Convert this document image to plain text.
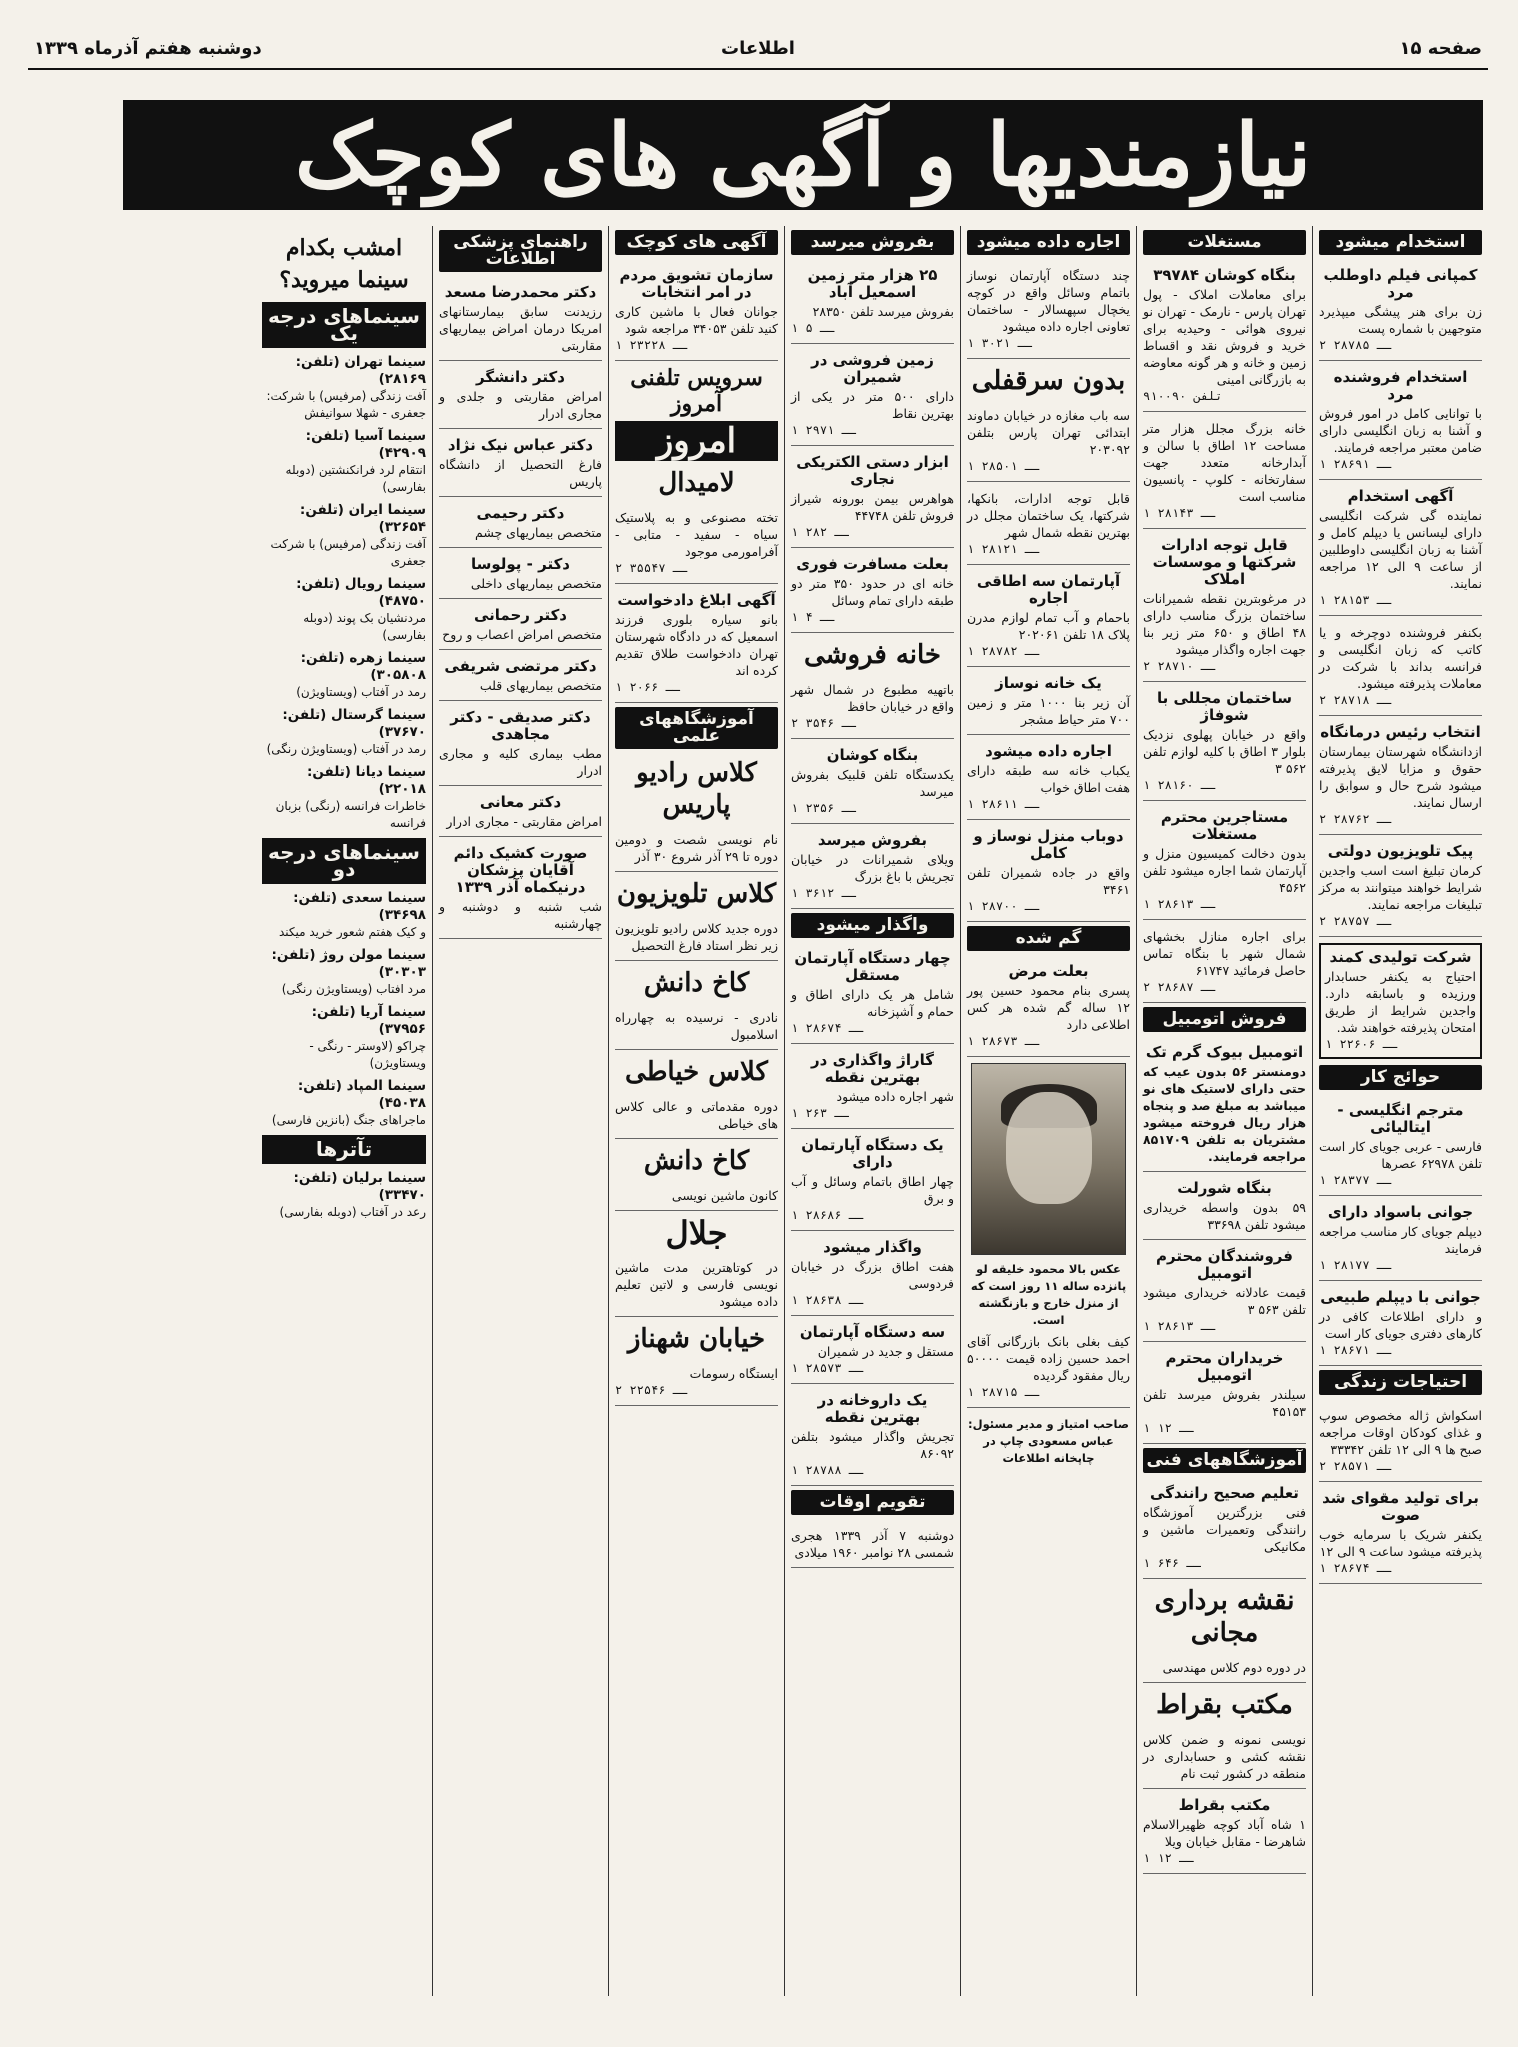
صفحه ۱۵
اطلاعات
دوشنبه هفتم آذرماه ۱۳۳۹
نیازمندیها و آگهی های کوچک
استخدام میشود
کمپانی فیلم داوطلب مرد
زن برای هنر پیشگی میپذیرد متوجهین با شماره پست
۲ ــ ۲۸۷۸۵
استخدام فروشنده مرد
با توانایی کامل در امور فروش و آشنا به زبان انگلیسی دارای ضامن معتبر مراجعه فرمایند.
۱ ــ ۲۸۶۹۱
آگهی استخدام
نماینده گی شرکت انگلیسی دارای لیسانس یا دیپلم کامل و آشنا به زبان انگلیسی داوطلبین از ساعت ۹ الی ۱۲ مراجعه نمایند.
۱ ــ ۲۸۱۵۳
بکنفر فروشنده دوچرخه و یا کاتب که زبان انگلیسی و فرانسه بداند با شرکت در معاملات پذیرفته میشود.
۲ ــ ۲۸۷۱۸
انتخاب رئیس درمانگاه
ازدانشگاه شهرستان بیمارستان حقوق و مزایا لایق پذیرفته میشود شرح حال و سوابق را ارسال نمایند.
۲ ــ ۲۸۷۶۲
پیک تلویزیون دولتی
کرمان تبلیغ است اسب واجدین شرایط خواهند میتوانند به مرکز تبلیغات مراجعه نمایند.
۲ ــ ۲۸۷۵۷
شرکت تولیدی کمند
احتیاج به یکنفر حسابدار ورزیده و باسابقه دارد. واجدین شرایط از طریق امتحان پذیرفته خواهند شد.
۱ ــ ۲۲۶۰۶
حوائج کار
مترجم انگلیسی - ایتالیائی
فارسی - عربی جویای کار است تلفن ۶۲۹۷۸ عصرها
۱ ــ ۲۸۳۷۷
جوانی باسواد دارای
دیپلم جویای کار مناسب مراجعه فرمایند
۱ ــ ۲۸۱۷۷
جوانی با دیپلم طبیعی
و دارای اطلاعات کافی در کارهای دفتری جویای کار است
۱ ــ ۲۸۶۷۱
احتیاجات زندگی
اسکواش ژاله مخصوص سوپ و غذای کودکان اوقات مراجعه صبح ها ۹ الی ۱۲ تلفن ۳۳۳۴۲
۲ ــ ۲۸۵۷۱
برای تولید مقوای شد صوت
یکنفر شریک با سرمایه خوب پذیرفته میشود ساعت ۹ الی ۱۲
۱ ــ ۲۸۶۷۴
مستغلات
بنگاه کوشان ۳۹۷۸۴
برای معاملات املاک - پول تهران پارس - نارمک - تهران نو نیروی هوائی - وحیدیه برای خرید و فروش نقد و اقساط زمین و خانه و هر گونه معاوضه به بازرگانی امینی
تلفن ۹۱۰۰۹۰
خانه بزرگ مجلل هزار متر مساحت ۱۲ اطاق با سالن و آبدارخانه متعدد جهت سفارتخانه - کلوپ - پانسیون مناسب است
۱ ــ ۲۸۱۴۳
قابل توجه ادارات شرکتها و موسسات املاک
در مرغوبترین نقطه شمیرانات ساختمان بزرگ مناسب دارای ۴۸ اطاق و ۶۵۰ متر زیر بنا جهت اجاره واگذار میشود
۲ ــ ۲۸۷۱۰
ساختمان مجللی با شوفاژ
واقع در خیابان پهلوی نزدیک بلوار ۳ اطاق با کلیه لوازم تلفن ۵۶۲ ۳
۱ ــ ۲۸۱۶۰
مستاجرین محترم مستغلات
بدون دخالت کمیسیون منزل و آپارتمان شما اجاره میشود تلفن ۴۵۶۲
۱ ــ ۲۸۶۱۳
برای اجاره منازل بخشهای شمال شهر با بنگاه تماس حاصل فرمائید ۶۱۷۴۷
۲ ــ ۲۸۶۸۷
فروش اتومبیل
اتومبیل بیوک گرم تک
دومنستر ۵۶ بدون عیب که حتی دارای لاستیک های نو میباشد به مبلغ صد و پنجاه هزار ریال فروخته میشود مشتریان به تلفن ۸۵۱۷۰۹ مراجعه فرمایند.
بنگاه شورلت
۵۹ بدون واسطه خریداری میشود تلفن ۳۳۶۹۸
فروشندگان محترم اتومبیل
قیمت عادلانه خریداری میشود تلفن ۵۶۳ ۳
۱ ــ ۲۸۶۱۳
خریداران محترم اتومبیل
سیلندر بفروش میرسد تلفن ۴۵۱۵۳
۱ ــ ۱۲
آموزشگاههای فنی
تعلیم صحیح رانندگی
فنی بزرگترین آموزشگاه رانندگی وتعمیرات ماشین و مکانیکی
۱ ــ ۶۴۶
نقشه برداری مجانی
در دوره دوم کلاس مهندسی
مکتب بقراط
نویسی نمونه و ضمن کلاس نقشه کشی و حسابداری در منطقه در کشور ثبت نام
مکتب بقراط
۱ شاه آباد کوچه ظهیرالاسلام شاهرضا - مقابل خیابان ویلا
۱ ــ ۱۲
اجاره داده میشود
چند دستگاه آپارتمان نوساز باتمام وسائل واقع در کوچه یخچال سپهسالار - ساختمان تعاونی اجاره داده میشود
۱ ــ ۳۰۲۱
بدون سرقفلی
سه باب مغازه در خیابان دماوند ابتدائی تهران پارس بتلفن ۲۰۳۰۹۲
۱ ــ ۲۸۵۰۱
قابل توجه ادارات، بانکها، شرکتها، یک ساختمان مجلل در بهترین نقطه شمال شهر
۱ ــ ۲۸۱۲۱
آپارتمان سه اطاقی اجاره
باحمام و آب تمام لوازم مدرن پلاک ۱۸ تلفن ۲۰۲۰۶۱
۱ ــ ۲۸۷۸۲
یک خانه نوساز
آن زیر بنا ۱۰۰۰ متر و زمین ۷۰۰ متر حیاط مشجر
اجاره داده میشود
یکباب خانه سه طبقه دارای هفت اطاق خواب
۱ ــ ۲۸۶۱۱
دوباب منزل نوساز و کامل
واقع در جاده شمیران تلفن ۳۴۶۱
۱ ــ ۲۸۷۰۰
گم شده
بعلت مرض
پسری بنام محمود حسین پور ۱۲ ساله گم شده هر کس اطلاعی دارد
۱ ــ ۲۸۶۷۳
عکس بالا محمود خلیقه لو پانزده ساله ۱۱ روز است که از منزل خارج و بازنگشته است.
کیف بغلی بانک بازرگانی آقای احمد حسین زاده قیمت ۵۰۰۰۰ ریال مفقود گردیده
۱ ــ ۲۸۷۱۵
صاحب امتیاز و مدیر مسئول: عباس مسعودی چاپ در چاپخانه اطلاعات
بفروش میرسد
۲۵ هزار متر زمین اسمعیل آباد
بفروش میرسد تلفن ۲۸۳۵۰
۱ ــ ۵
زمین فروشی در شمیران
دارای ۵۰۰ متر در یکی از بهترین نقاط
۱ ــ ۲۹۷۱
ابزار دستی الکتریکی نجاری
هواهرس بیمن بورونه شیراز فروش تلفن ۴۴۷۴۸
۱ ــ ۲۸۲
بعلت مسافرت فوری
خانه ای در حدود ۳۵۰ متر دو طبقه دارای تمام وسائل
۱ ــ ۴
خانه فروشی
باتهیه مطبوع در شمال شهر واقع در خیابان حافظ
۲ ــ ۳۵۴۶
بنگاه کوشان
یکدستگاه تلفن قلبیک بفروش میرسد
۱ ــ ۲۳۵۶
بفروش میرسد
ویلای شمیرانات در خیابان تجریش با باغ بزرگ
۱ ــ ۳۶۱۲
واگذار میشود
چهار دستگاه آپارتمان مستقل
شامل هر یک دارای اطاق و حمام و آشپزخانه
۱ ــ ۲۸۶۷۴
گاراژ واگذاری در بهترین نقطه
شهر اجاره داده میشود
۱ ــ ۲۶۳
یک دستگاه آپارتمان دارای
چهار اطاق باتمام وسائل و آب و برق
۱ ــ ۲۸۶۸۶
واگذار میشود
هفت اطاق بزرگ در خیابان فردوسی
۱ ــ ۲۸۶۳۸
سه دستگاه آپارتمان
مستقل و جدید در شمیران
۱ ــ ۲۸۵۷۳
یک داروخانه در بهترین نقطه
تجریش واگذار میشود بتلفن ۸۶۰۹۲
۱ ــ ۲۸۷۸۸
تقویم اوقات
دوشنبه ۷ آذر ۱۳۳۹ هجری شمسی ۲۸ نوامبر ۱۹۶۰ میلادی
آگهی های کوچک
سازمان تشویق مردم در امر انتخابات
جوانان فعال با ماشین کاری کنید تلفن ۳۴۰۵۳ مراجعه شود
۱ ــ ۲۳۲۲۸
سرویس تلفنی آمروز
امروز
لامیدال
تخته مصنوعی و به پلاستیک سیاه - سفید - متابی - آفرامورمی موجود
۲ ــ ۳۵۵۴۷
آگهی ابلاغ دادخواست
بانو سیاره بلوری فرزند اسمعیل که در دادگاه شهرستان تهران دادخواست طلاق تقدیم کرده اند
۱ ــ ۲۰۶۶
آموزشگاههای علمی
کلاس رادیو پاریس
نام نویسی شصت و دومین دوره تا ۲۹ آذر شروع ۳۰ آذر
کلاس تلویزیون
دوره جدید کلاس رادیو تلویزیون زیر نظر استاد فارغ التحصیل
کاخ دانش
نادری - نرسیده به چهارراه اسلامبول
کلاس خیاطی
دوره مقدماتی و عالی کلاس های خیاطی
کاخ دانش
کانون ماشین نویسی
جلال
در کوتاهترین مدت ماشین نویسی فارسی و لاتین تعلیم داده میشود
خیابان شهناز
ایستگاه رسومات
۲ ــ ۲۲۵۴۶
راهنمای پزشکی اطلاعات
دکتر محمدرضا مسعد
رزیدنت سابق بیمارستانهای امریکا درمان امراض بیماریهای مقاربتی
دکتر دانشگر
امراض مقاربتی و جلدی و مجاری ادرار
دکتر عباس نیک نژاد
فارغ التحصیل از دانشگاه پاریس
دکتر رحیمی
متخصص بیماریهای چشم
دکتر - پولوسا
متخصص بیماریهای داخلی
دکتر رحمانی
متخصص امراض اعصاب و روح
دکتر مرتضی شریفی
متخصص بیماریهای قلب
دکتر صدیقی - دکتر مجاهدی
مطب بیماری کلیه و مجاری ادرار
دکتر معانی
امراض مقاربتی - مجاری ادرار
صورت کشیک دائم آقایان پزشکان درنیکماه آذر ۱۳۳۹
شب شنبه و دوشنبه و چهارشنبه
امشب بکدام سینما میروید؟
سینماهای درجه یک
سینما تهران (تلفن: ۲۸۱۶۹)
آفت زندگی (مرفیس) با شرکت: جعفری - شهلا سوانیفش
سینما آسیا (تلفن: ۴۲۹۰۹)
انتقام لرد فرانکنشتین (دوبله بفارسی)
سینما ایران (تلفن: ۳۲۶۵۴)
آفت زندگی (مرفیس) با شرکت جعفری
سینما رویال (تلفن: ۴۸۷۵۰)
مردنشیان بک پوند (دوبله بفارسی)
سینما زهره (تلفن: ۳۰۵۸۰۸)
رمد در آفتاب (ویستاویژن)
سینما گرستال (تلفن: ۳۷۶۷۰)
رمد در آفتاب (ویستاویژن رنگی)
سینما دیانا (تلفن: ۲۲۰۱۸)
خاطرات فرانسه (رنگی) بزبان فرانسه
سینماهای درجه دو
سینما سعدی (تلفن: ۳۴۶۹۸)
و کیک هفتم شعور خرید میکند
سینما مولن روژ (تلفن: ۳۰۳۰۳)
مرد افتاب (ویستاویژن رنگی)
سینما آریا (تلفن: ۳۷۹۵۶)
چراکو (لاوستر - رنگی - ویستاویژن)
سینما المپاد (تلفن: ۴۵۰۳۸)
ماجراهای جنگ (بانزین فارسی)
تآترها
سینما برلیان (تلفن: ۳۳۴۷۰)
رعد در آفتاب (دوبله بفارسی)
